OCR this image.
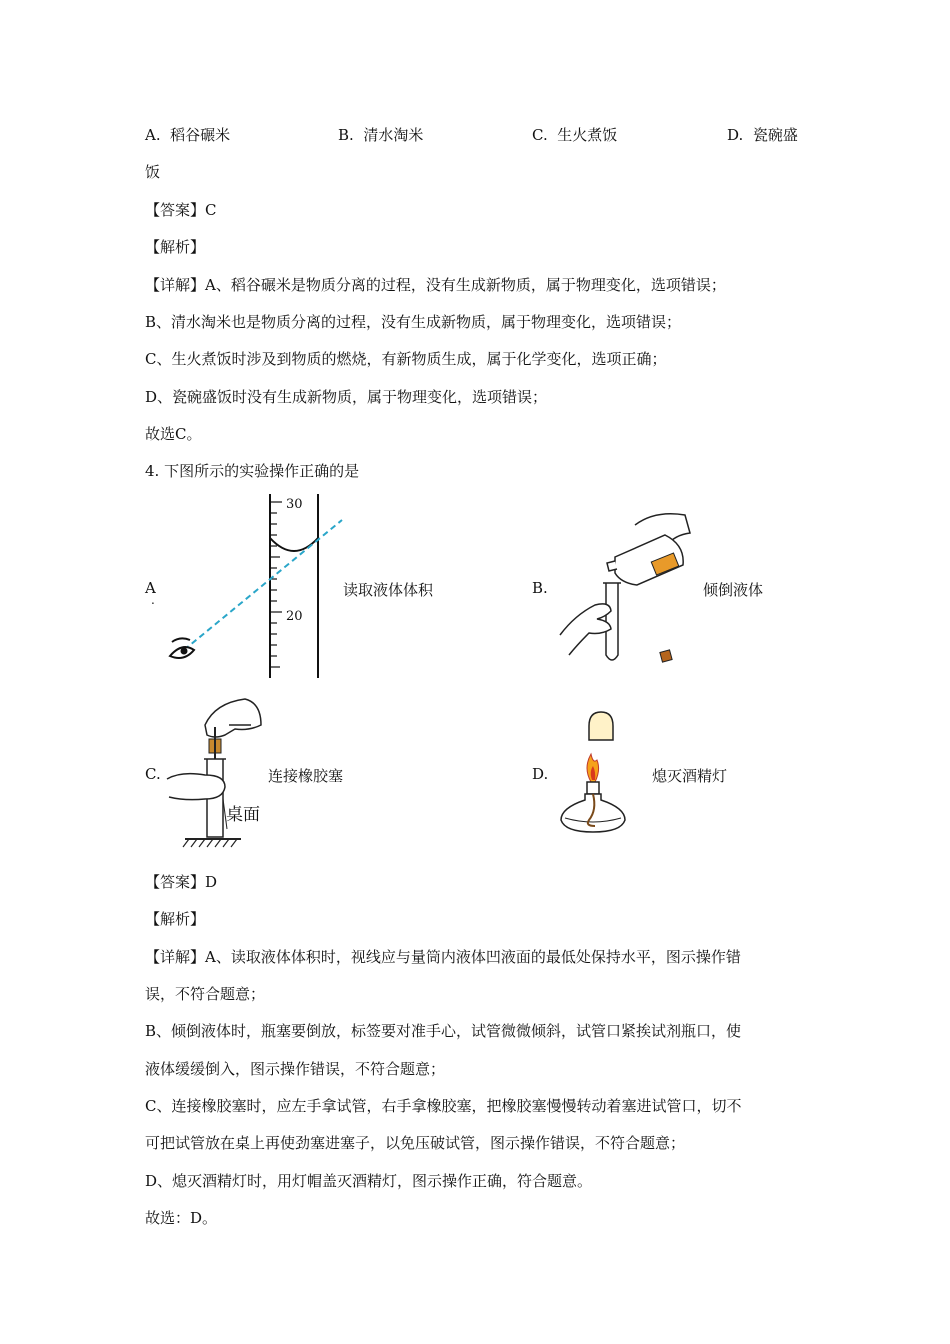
A. 稻谷碾米	B. 清水淘米	C. 生火煮饭	D. 瓷碗盛
饭
【答案】C
【解析】
【详解】A、稻谷碾米是物质分离的过程，没有生成新物质，属于物理变化，选项错误；
B、清水淘米也是物质分离的过程，没有生成新物质，属于物理变化，选项错误；
C、生火煮饭时涉及到物质的燃烧，有新物质生成，属于化学变化，选项正确；
D、瓷碗盛饭时没有生成新物质，属于物理变化，选项错误；
故选C。
4. 下图所示的实验操作正确的是
A
.
30
20
读取液体体积	B.	倾倒液体
C.
桌面
连接橡胶塞	D.	熄灭酒精灯
【答案】D
【解析】
【详解】A、读取液体体积时，视线应与量筒内液体凹液面的最低处保持水平，图示操作错
误，不符合题意；
B、倾倒液体时，瓶塞要倒放，标签要对准手心，试管微微倾斜，试管口紧挨试剂瓶口，使
液体缓缓倒入，图示操作错误，不符合题意；
C、连接橡胶塞时，应左手拿试管，右手拿橡胶塞，把橡胶塞慢慢转动着塞进试管口，切不
可把试管放在桌上再使劲塞进塞子，以免压破试管，图示操作错误，不符合题意；
D、熄灭酒精灯时，用灯帽盖灭酒精灯，图示操作正确，符合题意。
故选：D。
